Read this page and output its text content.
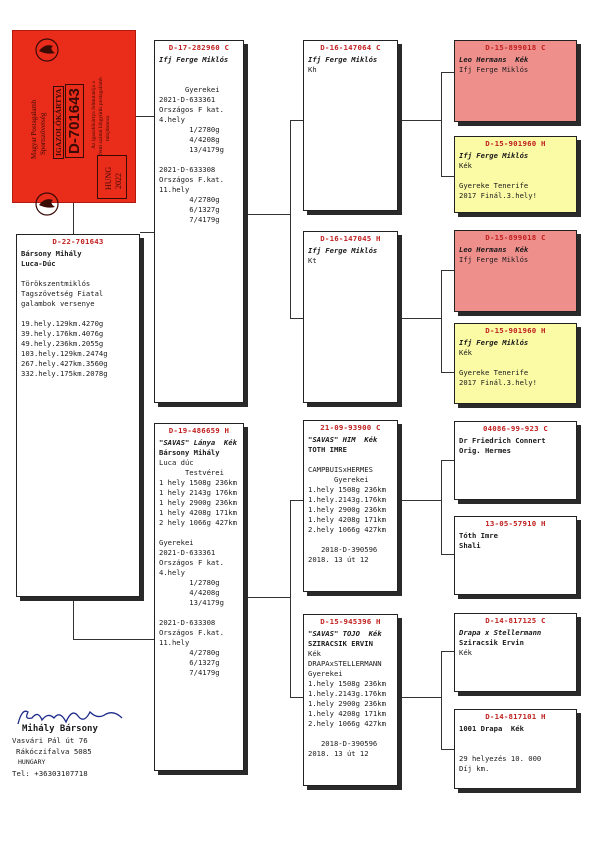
Magyar Postagalamb Sportszövetség IGAZOLÓKÁRTYA D-701643 Az igazolókártya felmutatója a fenti számú lábgyűrűs postagalamb tulajdonosa
HUNG 2022
D-22-701643
Bársony Mihály
Luca-Dúc
Törökszentmiklós
Tagszövetség Fiatal
galambok versenye
19.hely.129km.4270g
39.hely.176km.4076g
49.hely.236km.2055g
103.hely.129km.2474g
267.hely.427km.3560g
332.hely.175km.2078g
D-17-282960 C
Ifj Ferge Miklós
Gyerekei
2021-D-633361
Országos F kat.
4.hely
1/2780g
4/4208g
13/4179g
2021-D-633308
Országos F.kat.
11.hely
4/2780g
6/1327g
7/4179g
D-19-486659 H
"SAVAS" Lánya  Kék
Bársony Mihály
Luca dúc
Testvérei
1 hely 1508g 236km
1 hely 2143g 176km
1 hely 2900g 236km
1 hely 4208g 171km
2 hely 1066g 427km
Gyerekei
2021-D-633361
Országos F kat.
4.hely
1/2780g
4/4208g
13/4179g
2021-D-633308
Országos F.kat.
11.hely
4/2780g
6/1327g
7/4179g
D-16-147064 C
Ifj Ferge Miklós
Kh
D-16-147045 H
Ifj Ferge Miklós
Kt
21-09-93900 C
"SAVAS" HIM  Kék
TOTH IMRE
CAMPBUISxHERMES
Gyerekei
1.hely 1508g 236km
1.hely.2143g.176km
1.hely 2900g 236km
1.hely 4208g 171km
2.hely 1066g 427km
2018-D-390596
2018. 13 út 12
D-15-945396 H
"SAVAS" TOJO  Kék
SZIRACSIK ERVIN
Kék
DRAPAxSTELLERMANN
Gyerekei
1.hely 1508g 236km
1.hely.2143g.176km
1.hely 2900g 236km
1.hely 4208g 171km
2.hely 1066g 427km
2018-D-390596
2018. 13 út 12
D-15-899018 C
Leo Hermans  Kék
Ifj Ferge Miklós
D-15-901960 H
Ifj Ferge Miklós
Kék
Gyereke Tenerife
2017 Finál.3.hely!
D-15-899018 C
Leo Hermans  Kék
Ifj Ferge Miklós
D-15-901960 H
Ifj Ferge Miklós
Kék
Gyereke Tenerife
2017 Finál.3.hely!
04086-99-923 C
Dr Friedrich Connert
Orig. Hermes
13-05-57910 H
Tóth Imre
Shali
D-14-817125 C
Drapa x Stellermann
Sziracsik Ervin
Kék
D-14-817101 H
1001 Drapa  Kék
29 helyezés 10. 000
Díj km.
Mihály Bársony
Vasvári Pál út 76
Rákóczifalva 5085
HUNGARY
Tel: +36303107718
